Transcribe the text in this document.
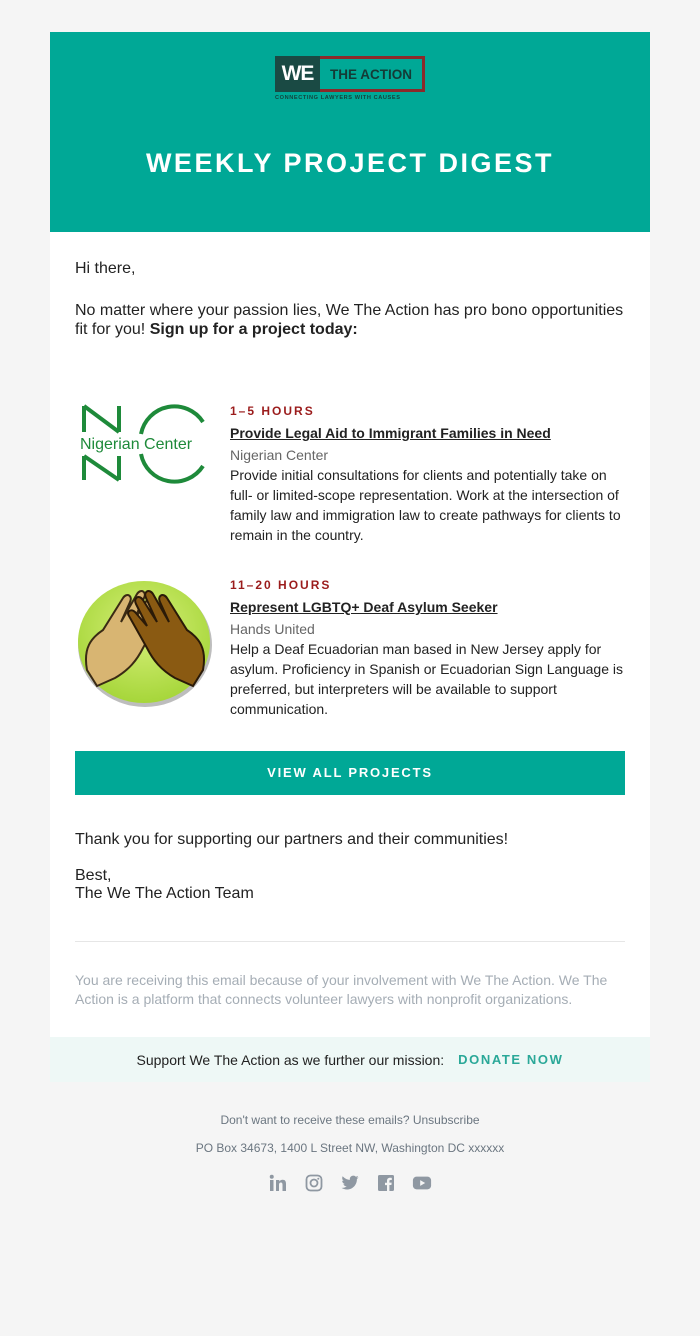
WE	THE ACTION
CONNECTING LAWYERS WITH CAUSES
WEEKLY PROJECT DIGEST

Hi there,

No matter where your passion lies, We The Action has pro bono opportunities fit for you! Sign up for a project today:

Nigerian Center
1–5 HOURS
Provide Legal Aid to Immigrant Families in Need
Nigerian Center
Provide initial consultations for clients and potentially take on full- or limited-scope representation. Work at the intersection of family law and immigration law to create pathways for clients to remain in the country.
11–20 HOURS
Represent LGBTQ+ Deaf Asylum Seeker
Hands United
Help a Deaf Ecuadorian man based in New Jersey apply for asylum. Proficiency in Spanish or Ecuadorian Sign Language is preferred, but interpreters will be available to support communication.
VIEW ALL PROJECTS

Thank you for supporting our partners and their communities!

Best,
The We The Action Team

You are receiving this email because of your involvement with We The Action. We The Action is a platform that connects volunteer lawyers with nonprofit organizations.

Support We The Action as we further our mission: DONATE NOW

Don't want to receive these emails? Unsubscribe

PO Box 34673, 1400 L Street NW, Washington DC xxxxxx
